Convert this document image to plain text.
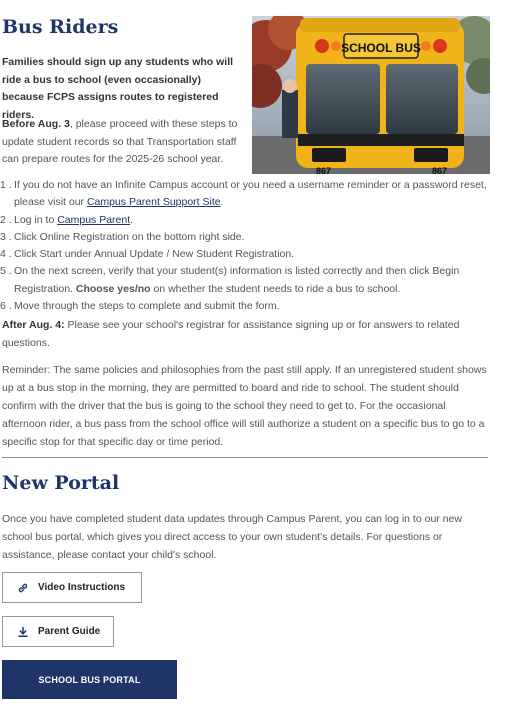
Bus Riders
SCHOOL BUS
867	867

Families should sign up any students who will ride a bus to school (even occasionally) because FCPS assigns routes to registered riders.

Before Aug. 3, please proceed with these steps to update student records so that Transportation staff can prepare routes for the 2025-26 school year.

1 . If you do not have an Infinite Campus account or you need a username reminder or a password reset, please visit our Campus Parent Support Site.
2 . Log in to Campus Parent.
3 . Click Online Registration on the bottom right side.
4 . Click Start under Annual Update / New Student Registration.
5 . On the next screen, verify that your student(s) information is listed correctly and then click Begin Registration. Choose yes/no on whether the student needs to ride a bus to school.
6 . Move through the steps to complete and submit the form.

After Aug. 4: Please see your school's registrar for assistance signing up or for answers to related questions.

Reminder: The same policies and philosophies from the past still apply. If an unregistered student shows up at a bus stop in the morning, they are permitted to board and ride to school. The student should confirm with the driver that the bus is going to the school they need to get to. For the occasional afternoon rider, a bus pass from the school office will still authorize a student on a specific bus to go to a specific stop for that specific day or time period.

New Portal

Once you have completed student data updates through Campus Parent, you can log in to our new school bus portal, which gives you direct access to your own student's details. For questions or assistance, please contact your child's school.

Video Instructions
Parent Guide
SCHOOL BUS PORTAL
